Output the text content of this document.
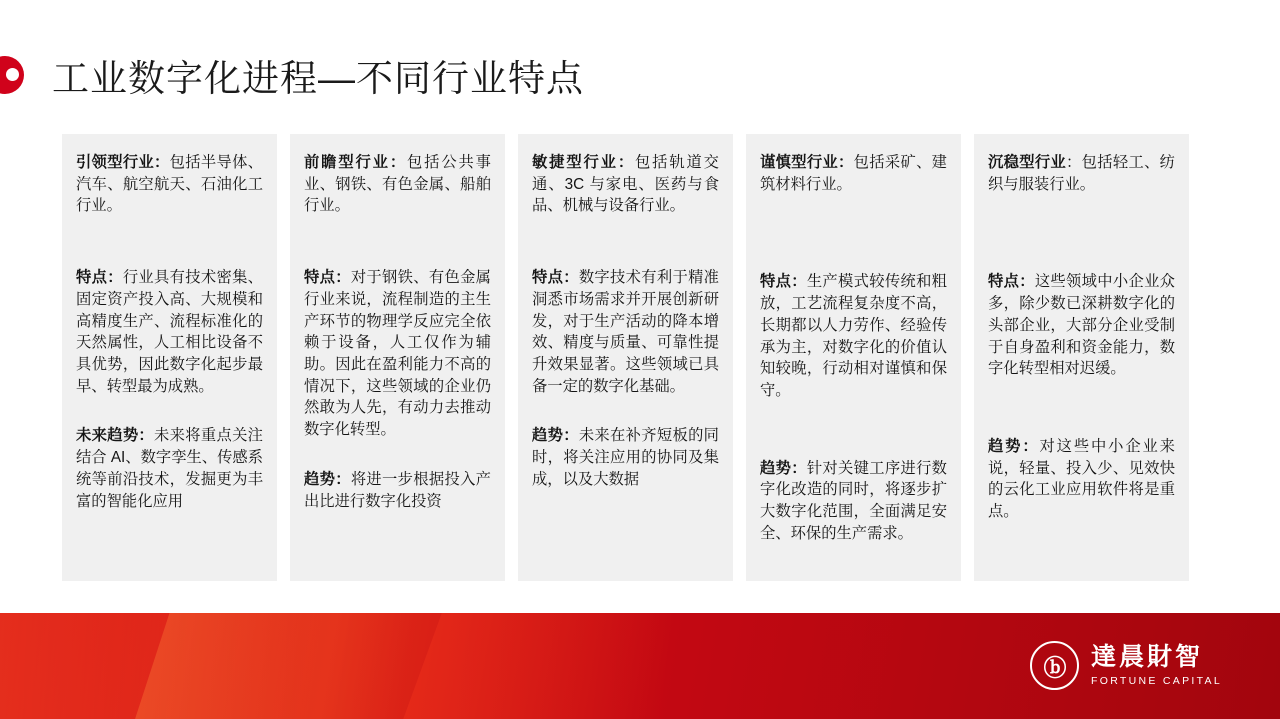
工业数字化进程—不同行业特点
引领型行业：包括半导体、汽车、航空航天、石油化工行业。
特点：行业具有技术密集、固定资产投入高、大规模和高精度生产、流程标准化的天然属性，人工相比设备不具优势，因此数字化起步最早、转型最为成熟。
未来趋势：未来将重点关注结合 AI、数字孪生、传感系统等前沿技术，发掘更为丰富的智能化应用
前瞻型行业：包括公共事业、钢铁、有色金属、船舶行业。
特点：对于钢铁、有色金属行业来说，流程制造的主生产环节的物理学反应完全依赖于设备，人工仅作为辅助。因此在盈利能力不高的情况下，这些领域的企业仍然敢为人先，有动力去推动数字化转型。
趋势：将进一步根据投入产出比进行数字化投资
敏捷型行业：包括轨道交通、3C 与家电、医药与食品、机械与设备行业。
特点：数字技术有利于精准洞悉市场需求并开展创新研发，对于生产活动的降本增效、精度与质量、可靠性提升效果显著。这些领域已具备一定的数字化基础。
趋势：未来在补齐短板的同时，将关注应用的协同及集成，以及大数据
谨慎型行业：包括采矿、建筑材料行业。
特点：生产模式较传统和粗放，工艺流程复杂度不高，长期都以人力劳作、经验传承为主，对数字化的价值认知较晚，行动相对谨慎和保守。
趋势：针对关键工序进行数字化改造的同时，将逐步扩大数字化范围，全面满足安全、环保的生产需求。
沉稳型行业：包括轻工、纺织与服装行业。
特点：这些领域中小企业众多，除少数已深耕数字化的头部企业，大部分企业受制于自身盈利和资金能力，数字化转型相对迟缓。
趋势：对这些中小企业来说，轻量、投入少、见效快的云化工业应用软件将是重点。
ⓑ 達晨財智
FORTUNE CAPITAL
